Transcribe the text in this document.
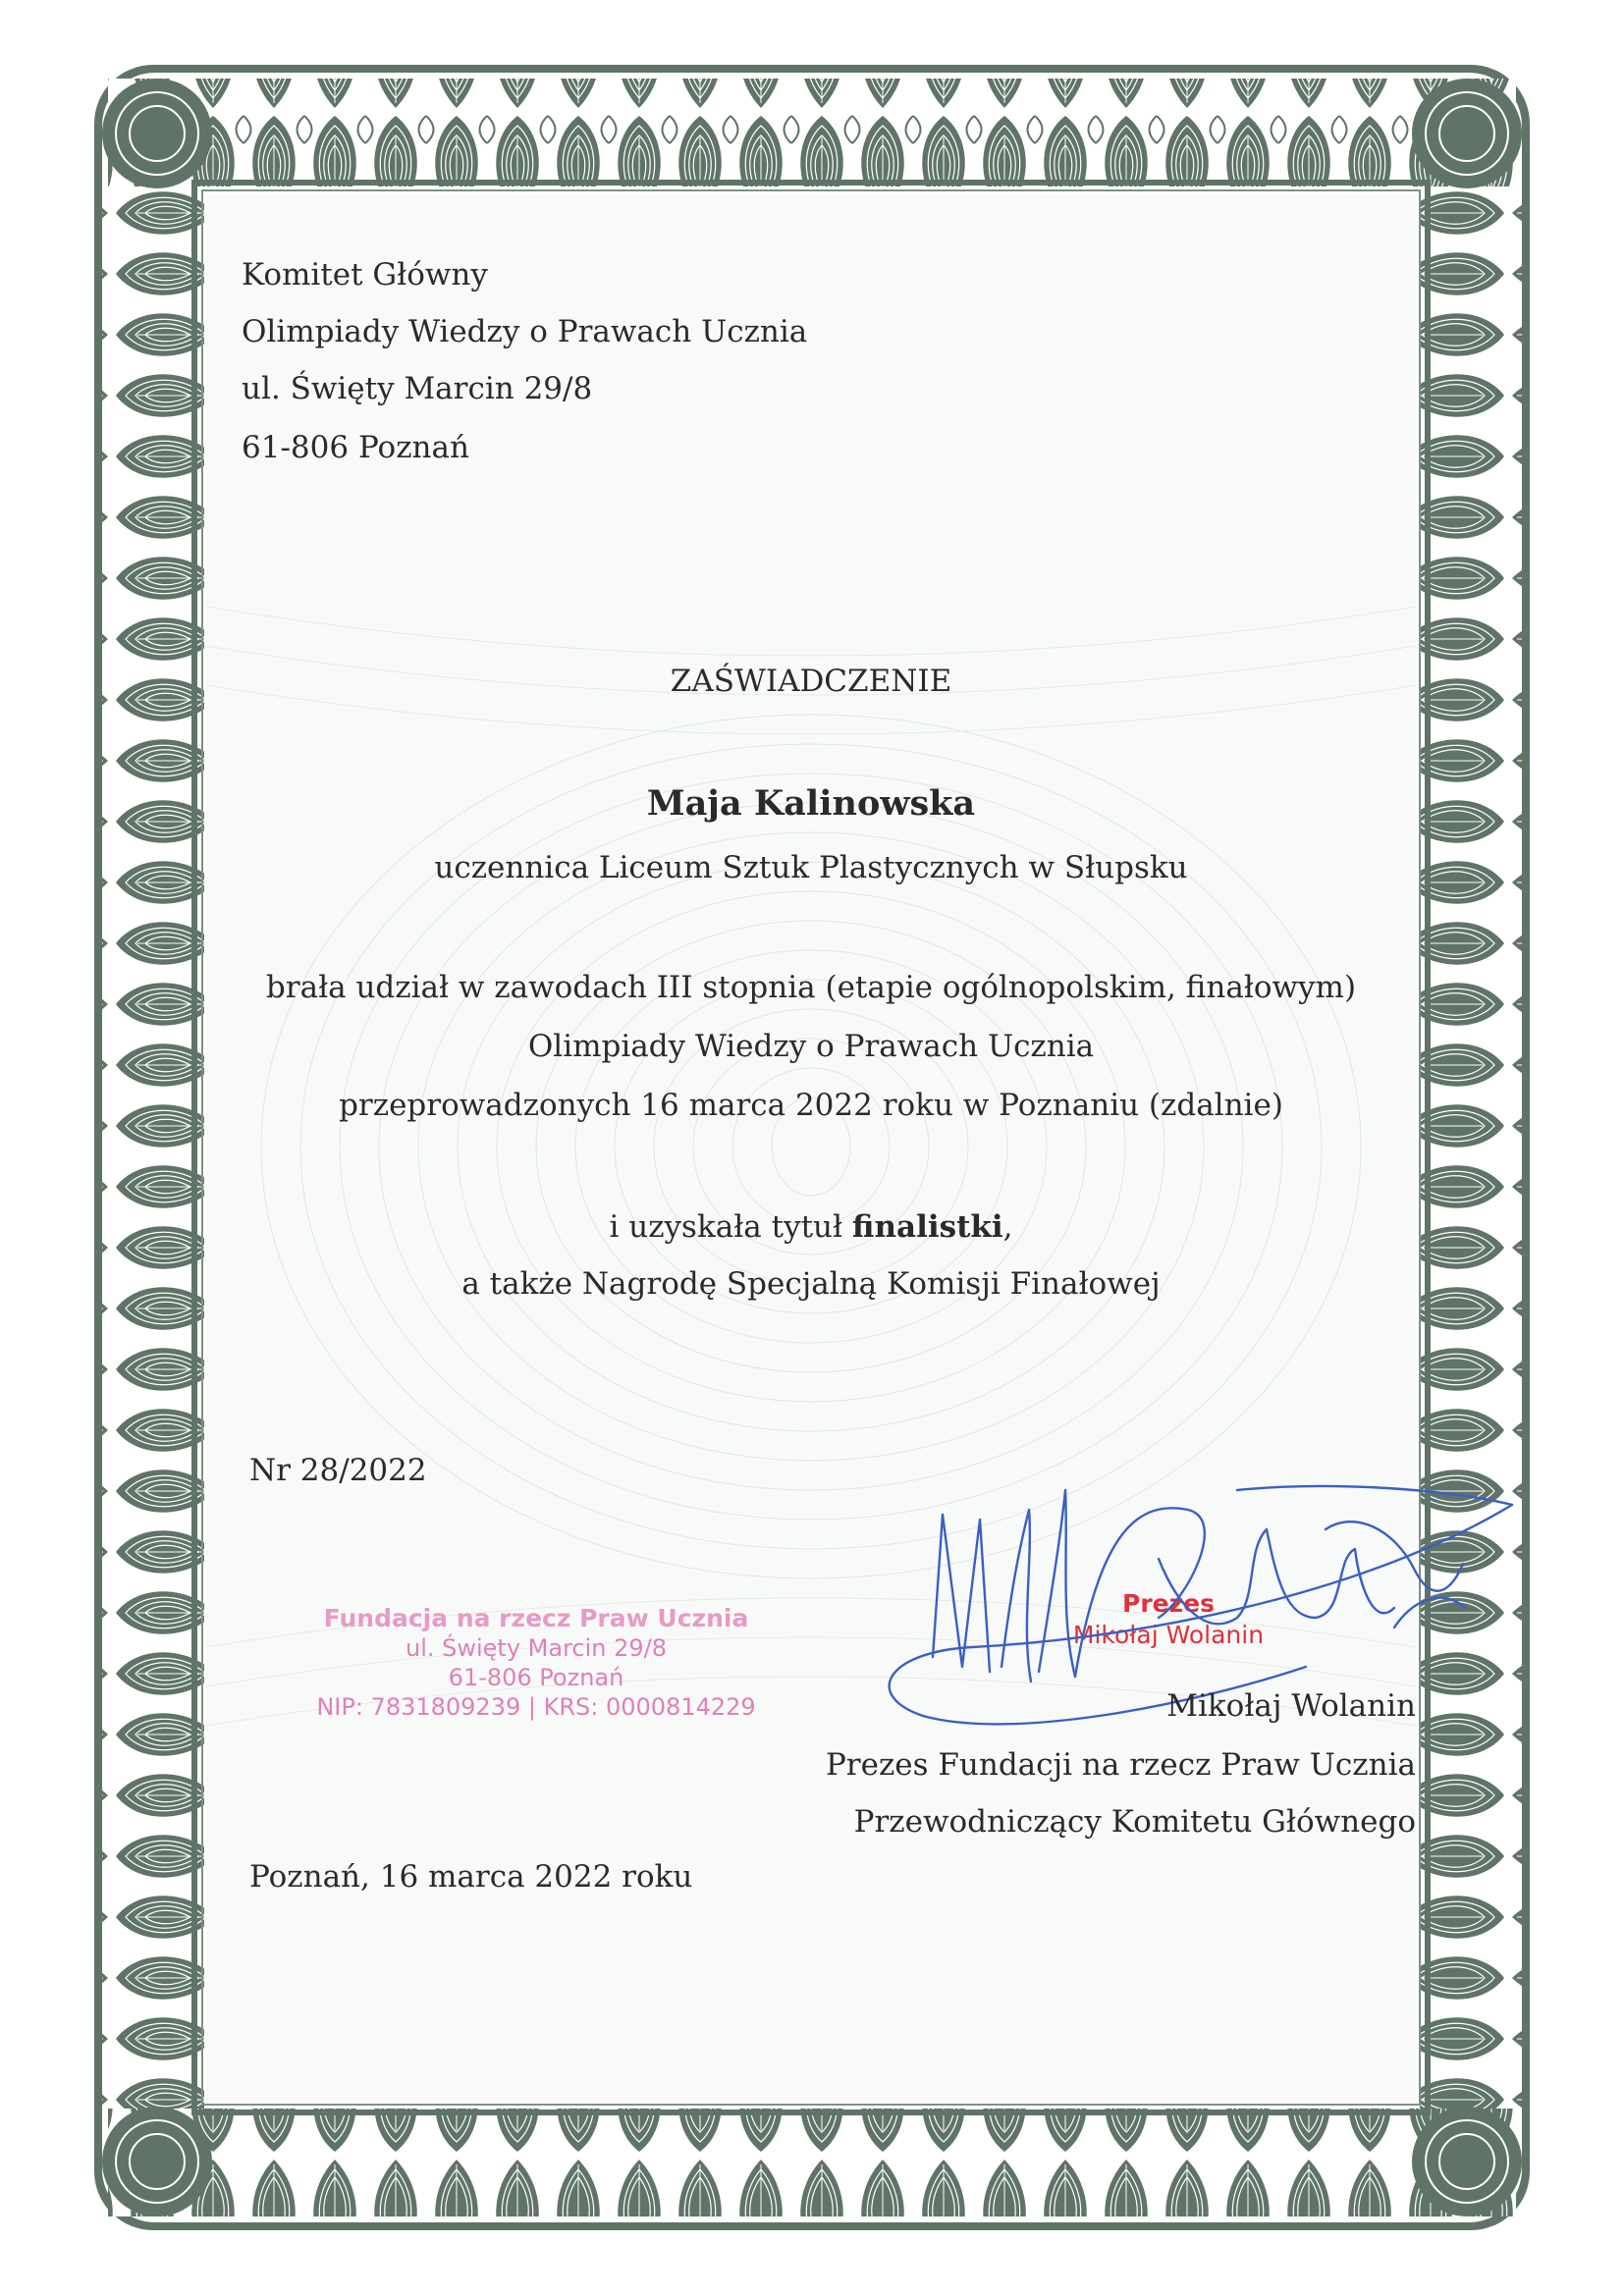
Komitet Główny
Olimpiady Wiedzy o Prawach Ucznia
ul. Święty Marcin 29/8
61-806 Poznań
ZAŚWIADCZENIE
Maja Kalinowska
uczennica Liceum Sztuk Plastycznych w Słupsku
brała udział w zawodach III stopnia (etapie ogólnopolskim, finałowym)
Olimpiady Wiedzy o Prawach Ucznia
przeprowadzonych 16 marca 2022 roku w Poznaniu (zdalnie)
i uzyskała tytuł finalistki,
a także Nagrodę Specjalną Komisji Finałowej
Nr 28/2022
Fundacja na rzecz Praw Ucznia
ul. Święty Marcin 29/8
61-806 Poznań
NIP: 7831809239 | KRS: 0000814229
Prezes
Mikołaj Wolanin
Mikołaj Wolanin
Prezes Fundacji na rzecz Praw Ucznia
Przewodniczący Komitetu Głównego
Poznań, 16 marca 2022 roku
